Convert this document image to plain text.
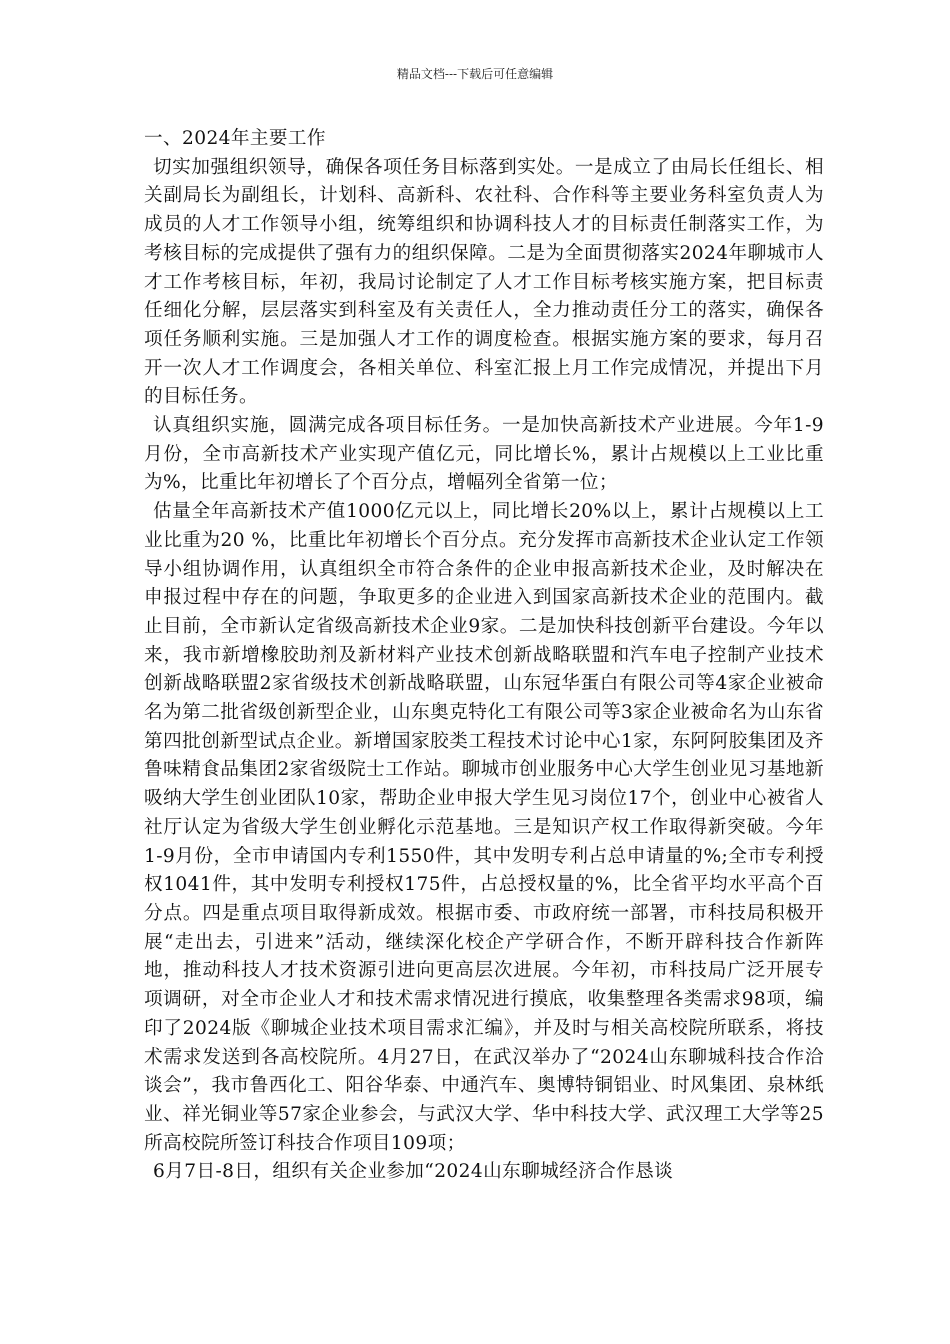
精品文档---下载后可任意编辑

一、2024年主要工作

切实加强组织领导，确保各项任务目标落到实处。一是成立了由局长任组长、相关副局长为副组长，计划科、高新科、农社科、合作科等主要业务科室负责人为成员的人才工作领导小组，统筹组织和协调科技人才的目标责任制落实工作，为考核目标的完成提供了强有力的组织保障。二是为全面贯彻落实2024年聊城市人才工作考核目标，年初，我局讨论制定了人才工作目标考核实施方案，把目标责任细化分解，层层落实到科室及有关责任人，全力推动责任分工的落实，确保各项任务顺利实施。三是加强人才工作的调度检查。根据实施方案的要求，每月召开一次人才工作调度会，各相关单位、科室汇报上月工作完成情况，并提出下月的目标任务。

认真组织实施，圆满完成各项目标任务。一是加快高新技术产业进展。今年1-9月份，全市高新技术产业实现产值亿元，同比增长%，累计占规模以上工业比重为%，比重比年初增长了个百分点，增幅列全省第一位；

估量全年高新技术产值1000亿元以上，同比增长20%以上，累计占规模以上工业比重为20 %，比重比年初增长个百分点。充分发挥市高新技术企业认定工作领导小组协调作用，认真组织全市符合条件的企业申报高新技术企业，及时解决在申报过程中存在的问题，争取更多的企业进入到国家高新技术企业的范围内。截止目前，全市新认定省级高新技术企业9家。二是加快科技创新平台建设。今年以来，我市新增橡胶助剂及新材料产业技术创新战略联盟和汽车电子控制产业技术创新战略联盟2家省级技术创新战略联盟，山东冠华蛋白有限公司等4家企业被命名为第二批省级创新型企业，山东奥克特化工有限公司等3家企业被命名为山东省第四批创新型试点企业。新增国家胶类工程技术讨论中心1家，东阿阿胶集团及齐鲁味精食品集团2家省级院士工作站。聊城市创业服务中心大学生创业见习基地新吸纳大学生创业团队10家，帮助企业申报大学生见习岗位17个，创业中心被省人社厅认定为省级大学生创业孵化示范基地。三是知识产权工作取得新突破。今年1-9月份，全市申请国内专利1550件，其中发明专利占总申请量的%;全市专利授权1041件，其中发明专利授权175件，占总授权量的%，比全省平均水平高个百分点。四是重点项目取得新成效。根据市委、市政府统一部署，市科技局积极开展“走出去，引进来”活动，继续深化校企产学研合作，不断开辟科技合作新阵地，推动科技人才技术资源引进向更高层次进展。今年初，市科技局广泛开展专项调研，对全市企业人才和技术需求情况进行摸底，收集整理各类需求98项，编印了2024版《聊城企业技术项目需求汇编》，并及时与相关高校院所联系，将技术需求发送到各高校院所。4月27日，在武汉举办了“2024山东聊城科技合作洽谈会”，我市鲁西化工、阳谷华泰、中通汽车、奥博特铜铝业、时风集团、泉林纸业、祥光铜业等57家企业参会，与武汉大学、华中科技大学、武汉理工大学等25所高校院所签订科技合作项目109项；

6月7日-8日，组织有关企业参加“2024山东聊城经济合作恳谈
